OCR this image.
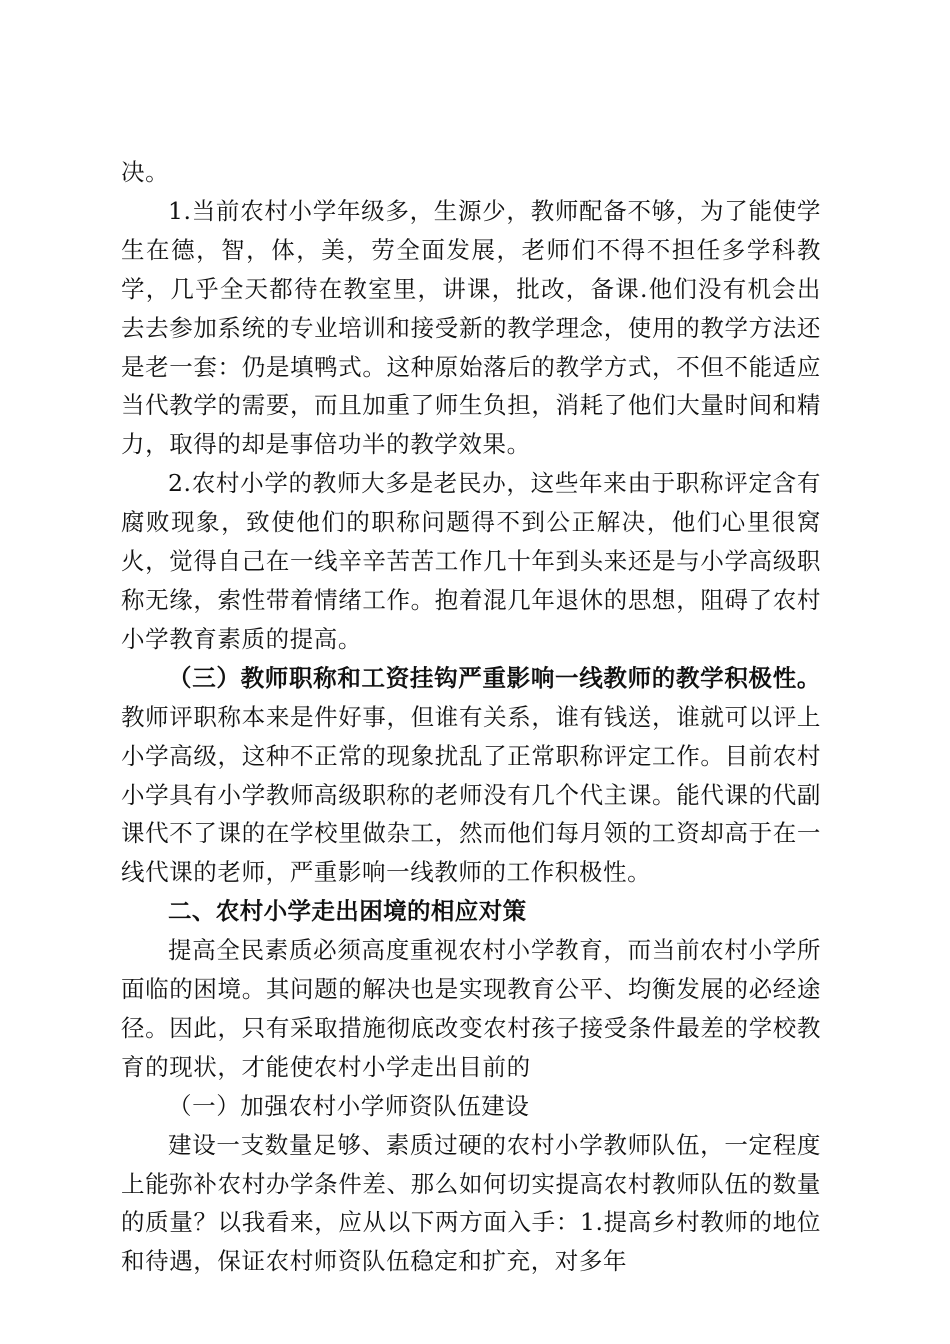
决。

1.当前农村小学年级多，生源少，教师配备不够，为了能使学生在德，智，体，美，劳全面发展，老师们不得不担任多学科教学，几乎全天都待在教室里，讲课，批改，备课.他们没有机会出去去参加系统的专业培训和接受新的教学理念，使用的教学方法还是老一套：仍是填鸭式。这种原始落后的教学方式，不但不能适应当代教学的需要，而且加重了师生负担，消耗了他们大量时间和精力，取得的却是事倍功半的教学效果。

2.农村小学的教师大多是老民办，这些年来由于职称评定含有腐败现象，致使他们的职称问题得不到公正解决，他们心里很窝火，觉得自己在一线辛辛苦苦工作几十年到头来还是与小学高级职称无缘，索性带着情绪工作。抱着混几年退休的思想，阻碍了农村小学教育素质的提高。

（三）教师职称和工资挂钩严重影响一线教师的教学积极性。教师评职称本来是件好事，但谁有关系，谁有钱送，谁就可以评上小学高级，这种不正常的现象扰乱了正常职称评定工作。目前农村小学具有小学教师高级职称的老师没有几个代主课。能代课的代副课代不了课的在学校里做杂工，然而他们每月领的工资却高于在一线代课的老师，严重影响一线教师的工作积极性。

二、农村小学走出困境的相应对策

提高全民素质必须高度重视农村小学教育，而当前农村小学所面临的困境。其问题的解决也是实现教育公平、均衡发展的必经途径。因此，只有采取措施彻底改变农村孩子接受条件最差的学校教育的现状，才能使农村小学走出目前的

（一）加强农村小学师资队伍建设

建设一支数量足够、素质过硬的农村小学教师队伍，一定程度上能弥补农村办学条件差、那么如何切实提高农村教师队伍的数量的质量？以我看来，应从以下两方面入手：1.提高乡村教师的地位和待遇，保证农村师资队伍稳定和扩充，对多年
